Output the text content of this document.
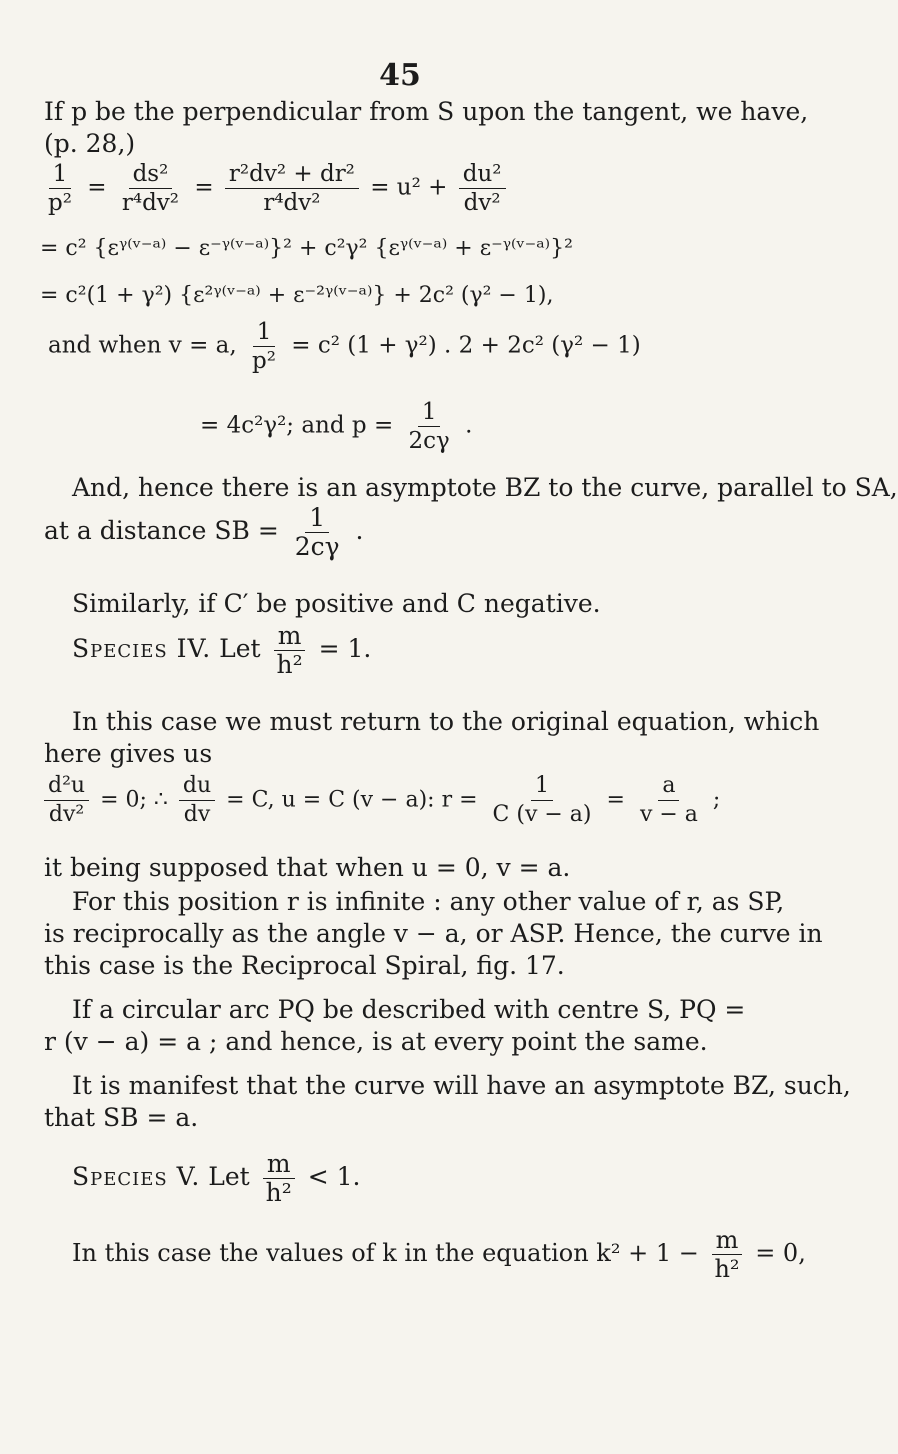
45
If p be the perpendicular from S upon the tangent, we have,
(p. 28,)
$\frac{1}{\text{p²}} = \frac{\text{ds²}}{\text{r⁴dv²}} = \frac{\text{r²dv² + dr²}}{\text{r⁴dv²}} = u^2 + \frac{\text{du²}}{\text{dv²}}$
= c² {εᵞ⁽ᵛ⁻ᵃ⁾ − ε⁻ᵞ⁽ᵛ⁻ᵃ⁾}² + c²γ² {εᵞ⁽ᵛ⁻ᵃ⁾ + ε⁻ᵞ⁽ᵛ⁻ᵃ⁾}²
= c²(1 + γ²) {ε²ᵞ⁽ᵛ⁻ᵃ⁾ + ε⁻²ᵞ⁽ᵛ⁻ᵃ⁾} + 2c² (γ² − 1),
and when v = a, $\frac{1}{\text{p²}} = c^2$ (1 + γ²) . 2 + 2c² (γ² − 1)
= 4c²γ²; and $p = \frac{1}{2c\gamma}$ .
And, hence there is an asymptote BZ to the curve, parallel to SA,
at a distance SB = $\frac{1}{2c\gamma}$ .
Similarly, if C′ be positive and C negative.
Species IV. Let $\frac{m}{\text{h²}} = 1$.
In this case we must return to the original equation, which
here gives us
$\frac{\text{d²u}}{\text{dv²}} = 0$; ∴ $\frac{du}{dv} = C$, u = C (v − a): $r = \frac{1}{C (v - a)} = \frac{a}{v - a}$ ;
it being supposed that when u = 0, v = a.
For this position r is infinite : any other value of r, as SP,
is reciprocally as the angle v − a, or ASP. Hence, the curve in
this case is the Reciprocal Spiral, fig. 17.
If a circular arc PQ be described with centre S, PQ =
r (v − a) = a ; and hence, is at every point the same.
It is manifest that the curve will have an asymptote BZ, such,
that SB = a.
Species V. Let $\frac{m}{\text{h²}} < 1$.
In this case the values of k in the equation $k^2 + 1 - \frac{m}{\text{h²}} = 0$,
